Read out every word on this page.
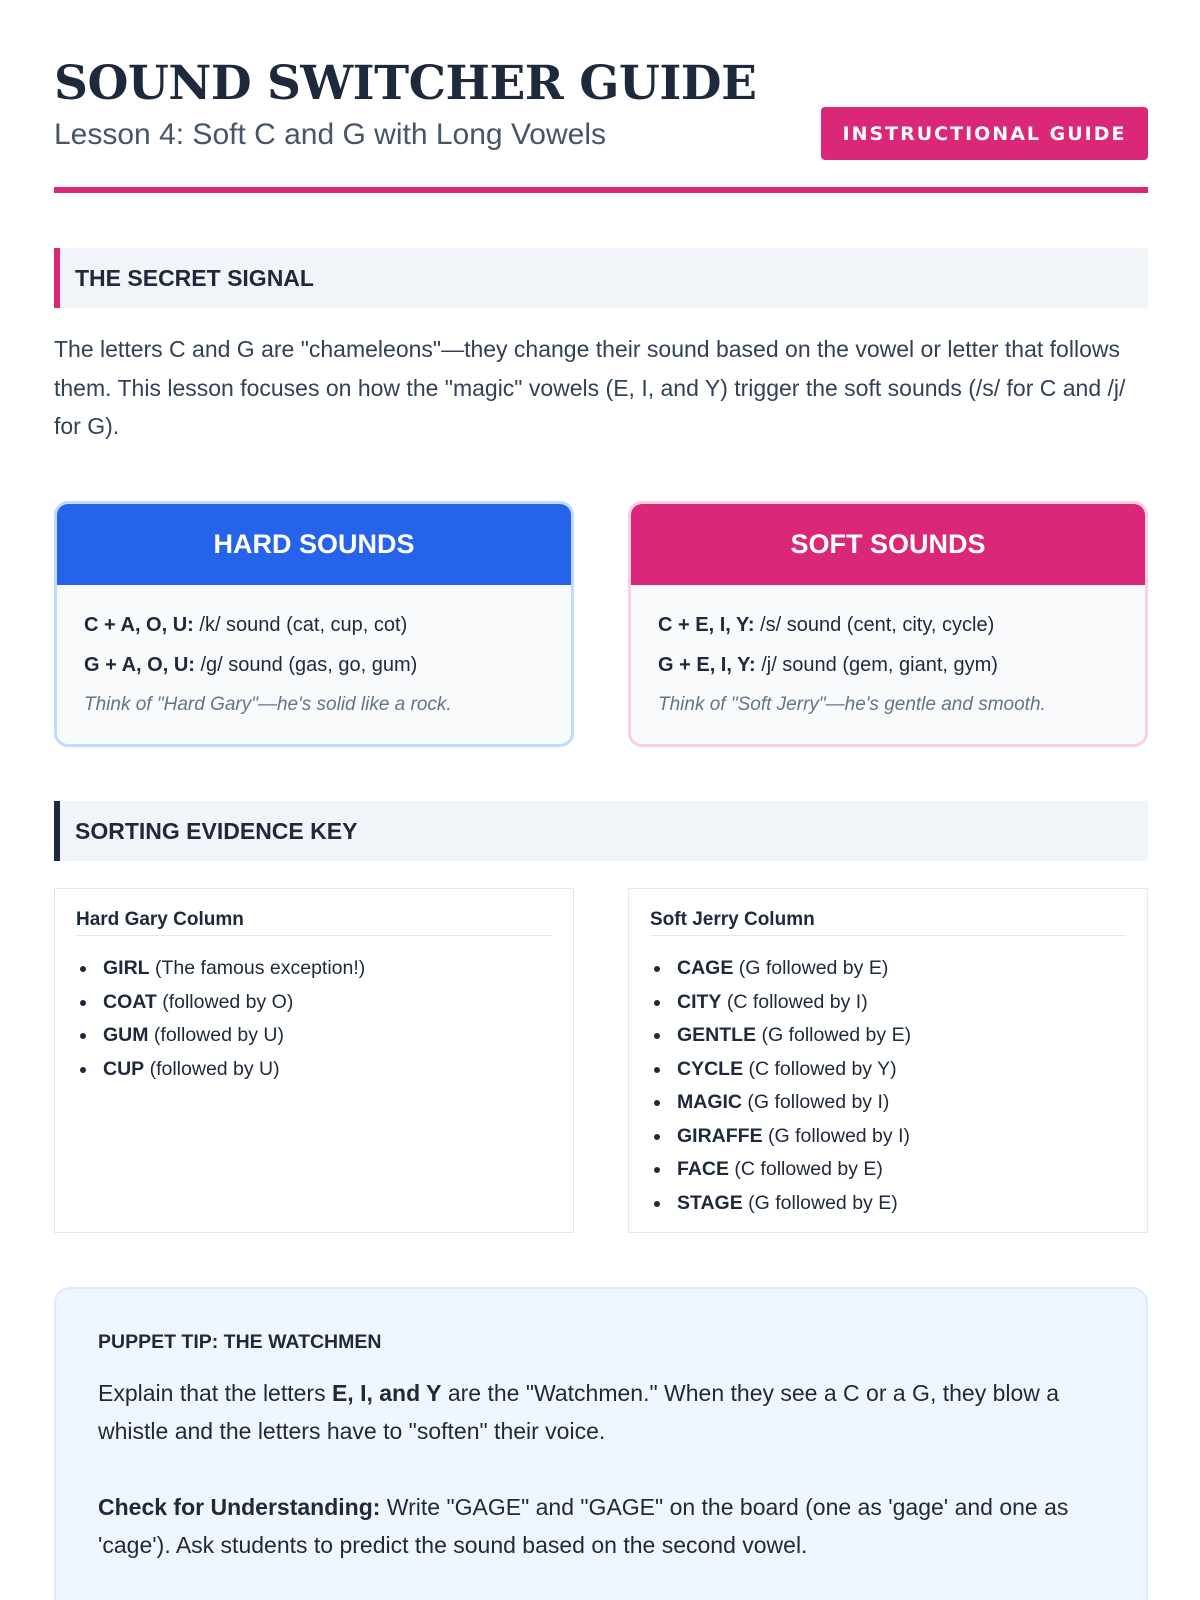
SOUND SWITCHER GUIDE
Lesson 4: Soft C and G with Long Vowels	INSTRUCTIONAL GUIDE
THE SECRET SIGNAL

The letters C and G are "chameleons"—they change their sound based on the vowel or letter that follows them. This lesson focuses on how the "magic" vowels (E, I, and Y) trigger the soft sounds (/s/ for C and /j/ for G).

HARD SOUNDS
C + A, O, U: /k/ sound (cat, cup, cot)
G + A, O, U: /g/ sound (gas, go, gum)
Think of "Hard Gary"—he's solid like a rock.
SOFT SOUNDS
C + E, I, Y: /s/ sound (cent, city, cycle)
G + E, I, Y: /j/ sound (gem, giant, gym)
Think of "Soft Jerry"—he's gentle and smooth.
SORTING EVIDENCE KEY
Hard Gary Column
GIRL (The famous exception!)
COAT (followed by O)
GUM (followed by U)
CUP (followed by U)
Soft Jerry Column
CAGE (G followed by E)
CITY (C followed by I)
GENTLE (G followed by E)
CYCLE (C followed by Y)
MAGIC (G followed by I)
GIRAFFE (G followed by I)
FACE (C followed by E)
STAGE (G followed by E)
PUPPET TIP: THE WATCHMEN

Explain that the letters E, I, and Y are the "Watchmen." When they see a C or a G, they blow a whistle and the letters have to "soften" their voice.

Check for Understanding: Write "GAGE" and "GAGE" on the board (one as 'gage' and one as 'cage'). Ask students to predict the sound based on the second vowel.
